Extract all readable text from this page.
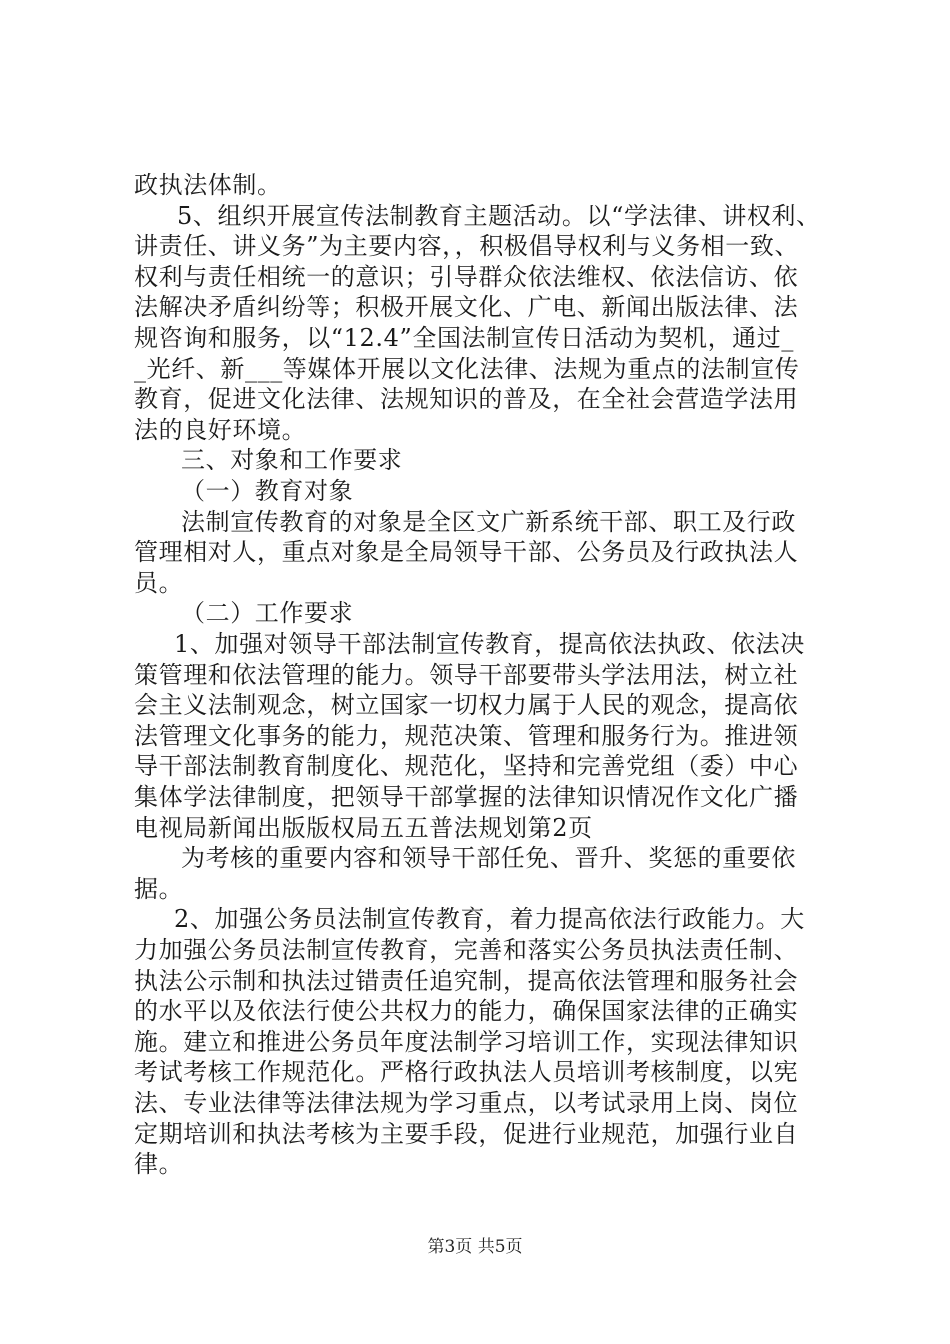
政执法体制。
5、组织开展宣传法制教育主题活动。以“学法律、讲权利、
讲责任、讲义务”为主要内容，，积极倡导权利与义务相一致、
权利与责任相统一的意识；引导群众依法维权、依法信访、依
法解决矛盾纠纷等；积极开展文化、广电、新闻出版法律、法
规咨询和服务，以“12.4”全国法制宣传日活动为契机，通过_
_光纤、新___等媒体开展以文化法律、法规为重点的法制宣传
教育，促进文化法律、法规知识的普及，在全社会营造学法用
法的良好环境。
三、对象和工作要求
（一）教育对象
法制宣传教育的对象是全区文广新系统干部、职工及行政
管理相对人，重点对象是全局领导干部、公务员及行政执法人
员。
（二）工作要求
1、加强对领导干部法制宣传教育，提高依法执政、依法决
策管理和依法管理的能力。领导干部要带头学法用法，树立社
会主义法制观念，树立国家一切权力属于人民的观念，提高依
法管理文化事务的能力，规范决策、管理和服务行为。推进领
导干部法制教育制度化、规范化，坚持和完善党组（委）中心
集体学法律制度，把领导干部掌握的法律知识情况作文化广播
电视局新闻出版版权局五五普法规划第2页
为考核的重要内容和领导干部任免、晋升、奖惩的重要依
据。
2、加强公务员法制宣传教育，着力提高依法行政能力。大
力加强公务员法制宣传教育，完善和落实公务员执法责任制、
执法公示制和执法过错责任追究制，提高依法管理和服务社会
的水平以及依法行使公共权力的能力，确保国家法律的正确实
施。建立和推进公务员年度法制学习培训工作，实现法律知识
考试考核工作规范化。严格行政执法人员培训考核制度，以宪
法、专业法律等法律法规为学习重点，以考试录用上岗、岗位
定期培训和执法考核为主要手段，促进行业规范，加强行业自
律。
第3页 共5页
